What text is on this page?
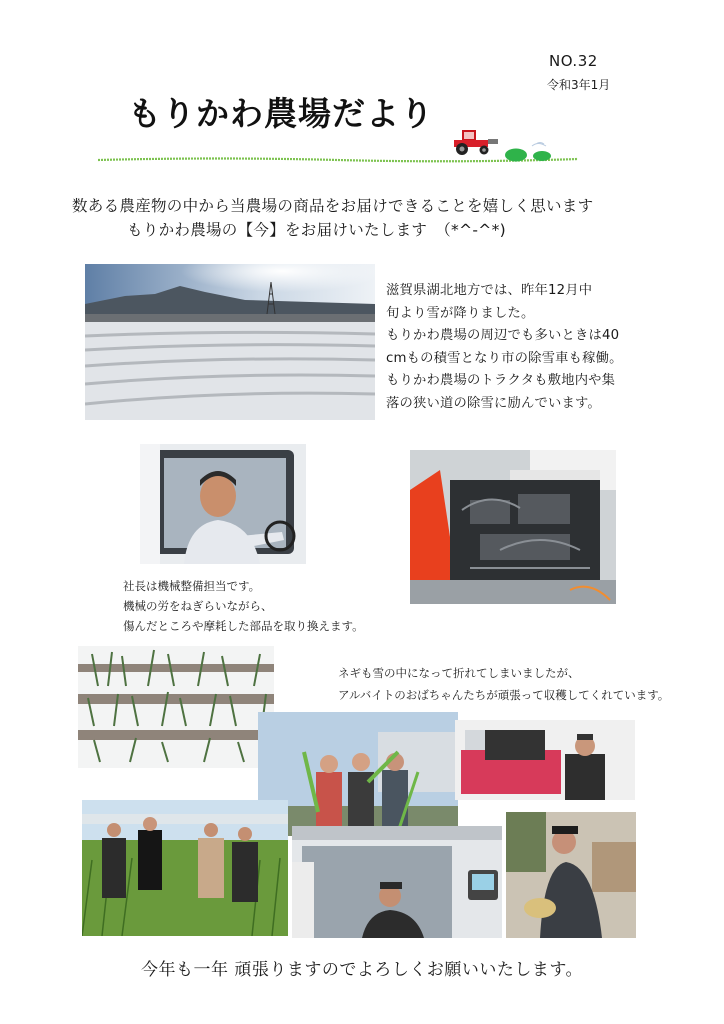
NO.32
令和3年1月
もりかわ農場だより
数ある農産物の中から当農場の商品をお届けできることを嬉しく思います
もりかわ農場の【今】をお届けいたします　（*^-^*)
滋賀県湖北地方では、昨年12月中
旬より雪が降りました。
もりかわ農場の周辺でも多いときは40
cmもの積雪となり市の除雪車も稼働。
もりかわ農場のトラクタも敷地内や集
落の狭い道の除雪に励んでいます。
社長は機械整備担当です。
機械の労をねぎらいながら、
傷んだところや摩耗した部品を取り換えます。
ネギも雪の中になって折れてしまいましたが、
アルバイトのおばちゃんたちが頑張って収穫してくれています。
今年も一年 頑張りますのでよろしくお願いいたします。
